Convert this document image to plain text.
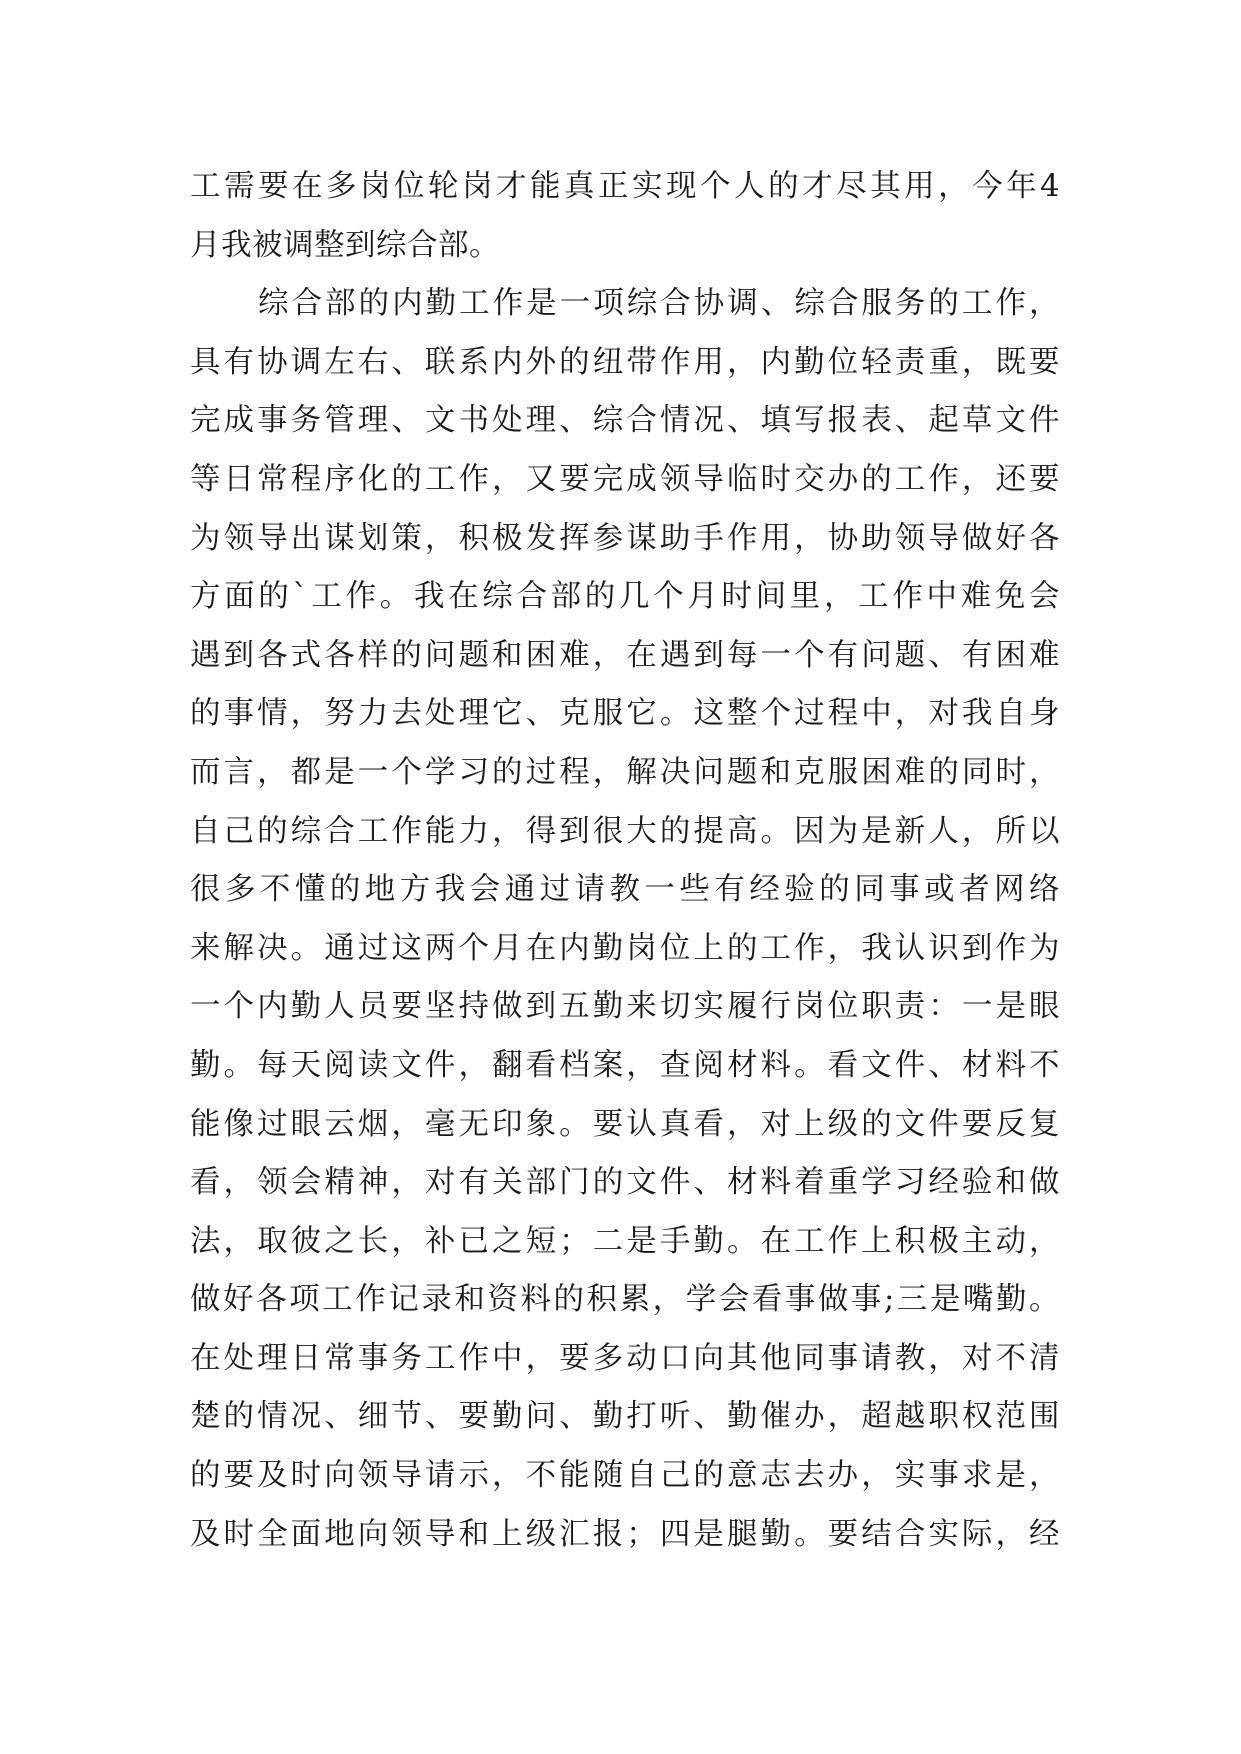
工需要在多岗位轮岗才能真正实现个人的才尽其用，今年4
月我被调整到综合部。
综合部的内勤工作是一项综合协调、综合服务的工作，
具有协调左右、联系内外的纽带作用，内勤位轻责重，既要
完成事务管理、文书处理、综合情况、填写报表、起草文件
等日常程序化的工作，又要完成领导临时交办的工作，还要
为领导出谋划策，积极发挥参谋助手作用，协助领导做好各
方面的`工作。我在综合部的几个月时间里，工作中难免会
遇到各式各样的问题和困难，在遇到每一个有问题、有困难
的事情，努力去处理它、克服它。这整个过程中，对我自身
而言，都是一个学习的过程，解决问题和克服困难的同时，
自己的综合工作能力，得到很大的提高。因为是新人，所以
很多不懂的地方我会通过请教一些有经验的同事或者网络
来解决。通过这两个月在内勤岗位上的工作，我认识到作为
一个内勤人员要坚持做到五勤来切实履行岗位职责：一是眼
勤。每天阅读文件，翻看档案，查阅材料。看文件、材料不
能像过眼云烟，毫无印象。要认真看，对上级的文件要反复
看，领会精神，对有关部门的文件、材料着重学习经验和做
法，取彼之长，补已之短；二是手勤。在工作上积极主动，
做好各项工作记录和资料的积累，学会看事做事;三是嘴勤。
在处理日常事务工作中，要多动口向其他同事请教，对不清
楚的情况、细节、要勤问、勤打听、勤催办，超越职权范围
的要及时向领导请示，不能随自己的意志去办，实事求是，
及时全面地向领导和上级汇报；四是腿勤。要结合实际，经
